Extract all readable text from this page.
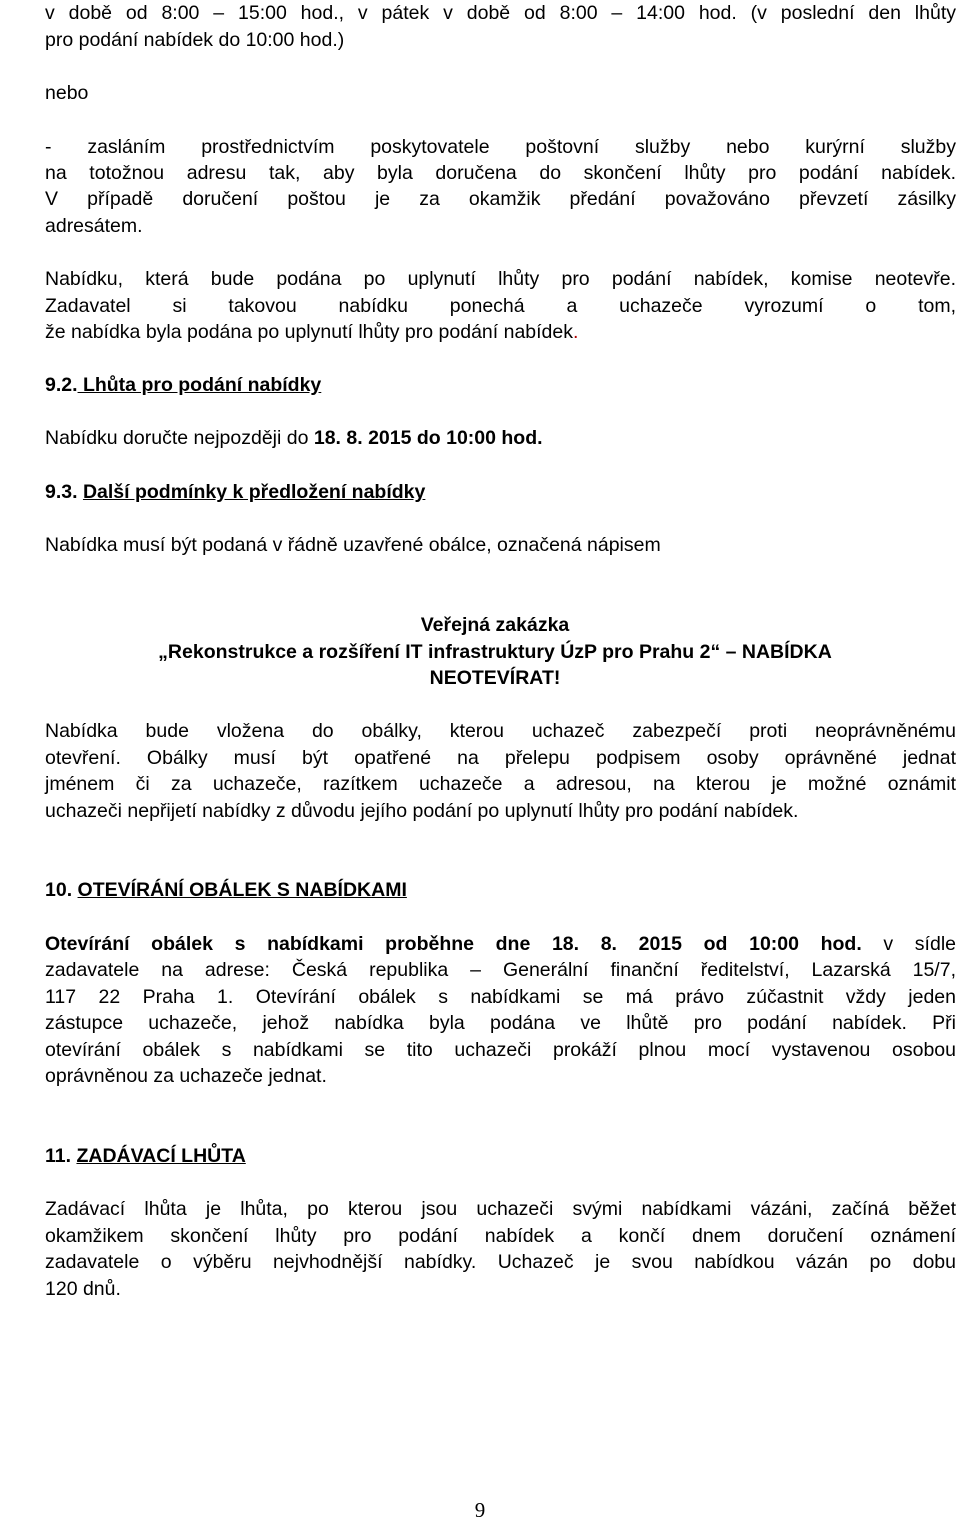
v době od 8:00 – 15:00 hod., v pátek v době od 8:00 – 14:00 hod. (v poslední den lhůty
pro podání nabídek do 10:00 hod.)
nebo
- zasláním prostřednictvím poskytovatele poštovní služby nebo kurýrní služby
na totožnou adresu tak, aby byla doručena do skončení lhůty pro podání nabídek.
V případě doručení poštou je za okamžik předání považováno převzetí zásilky
adresátem.
Nabídku, která bude podána po uplynutí lhůty pro podání nabídek, komise neotevře.
Zadavatel si takovou nabídku ponechá a uchazeče vyrozumí o tom,
že nabídka byla podána po uplynutí lhůty pro podání nabídek.
9.2. Lhůta pro podání nabídky
Nabídku doručte nejpozději do 18. 8. 2015 do 10:00 hod.
9.3. Další podmínky k předložení nabídky
Nabídka musí být podaná v řádně uzavřené obálce, označená nápisem
Veřejná zakázka
„Rekonstrukce a rozšíření IT infrastruktury ÚzP pro Prahu 2“ – NABÍDKA
NEOTEVÍRAT!
Nabídka bude vložena do obálky, kterou uchazeč zabezpečí proti neoprávněnému
otevření. Obálky musí být opatřené na přelepu podpisem osoby oprávněné jednat
jménem či za uchazeče, razítkem uchazeče a adresou, na kterou je možné oznámit
uchazeči nepřijetí nabídky z důvodu jejího podání po uplynutí lhůty pro podání nabídek.
10. OTEVÍRÁNÍ OBÁLEK S NABÍDKAMI
Otevírání obálek s nabídkami proběhne dne 18. 8. 2015 od 10:00 hod. v sídle
zadavatele na adrese: Česká republika – Generální finanční ředitelství, Lazarská 15/7,
117 22 Praha 1. Otevírání obálek s nabídkami se má právo zúčastnit vždy jeden
zástupce uchazeče, jehož nabídka byla podána ve lhůtě pro podání nabídek. Při
otevírání obálek s nabídkami se tito uchazeči prokáží plnou mocí vystavenou osobou
oprávněnou za uchazeče jednat.
11. ZADÁVACÍ LHŮTA
Zadávací lhůta je lhůta, po kterou jsou uchazeči svými nabídkami vázáni, začíná běžet
okamžikem skončení lhůty pro podání nabídek a končí dnem doručení oznámení
zadavatele o výběru nejvhodnější nabídky. Uchazeč je svou nabídkou vázán po dobu
120 dnů.
9
